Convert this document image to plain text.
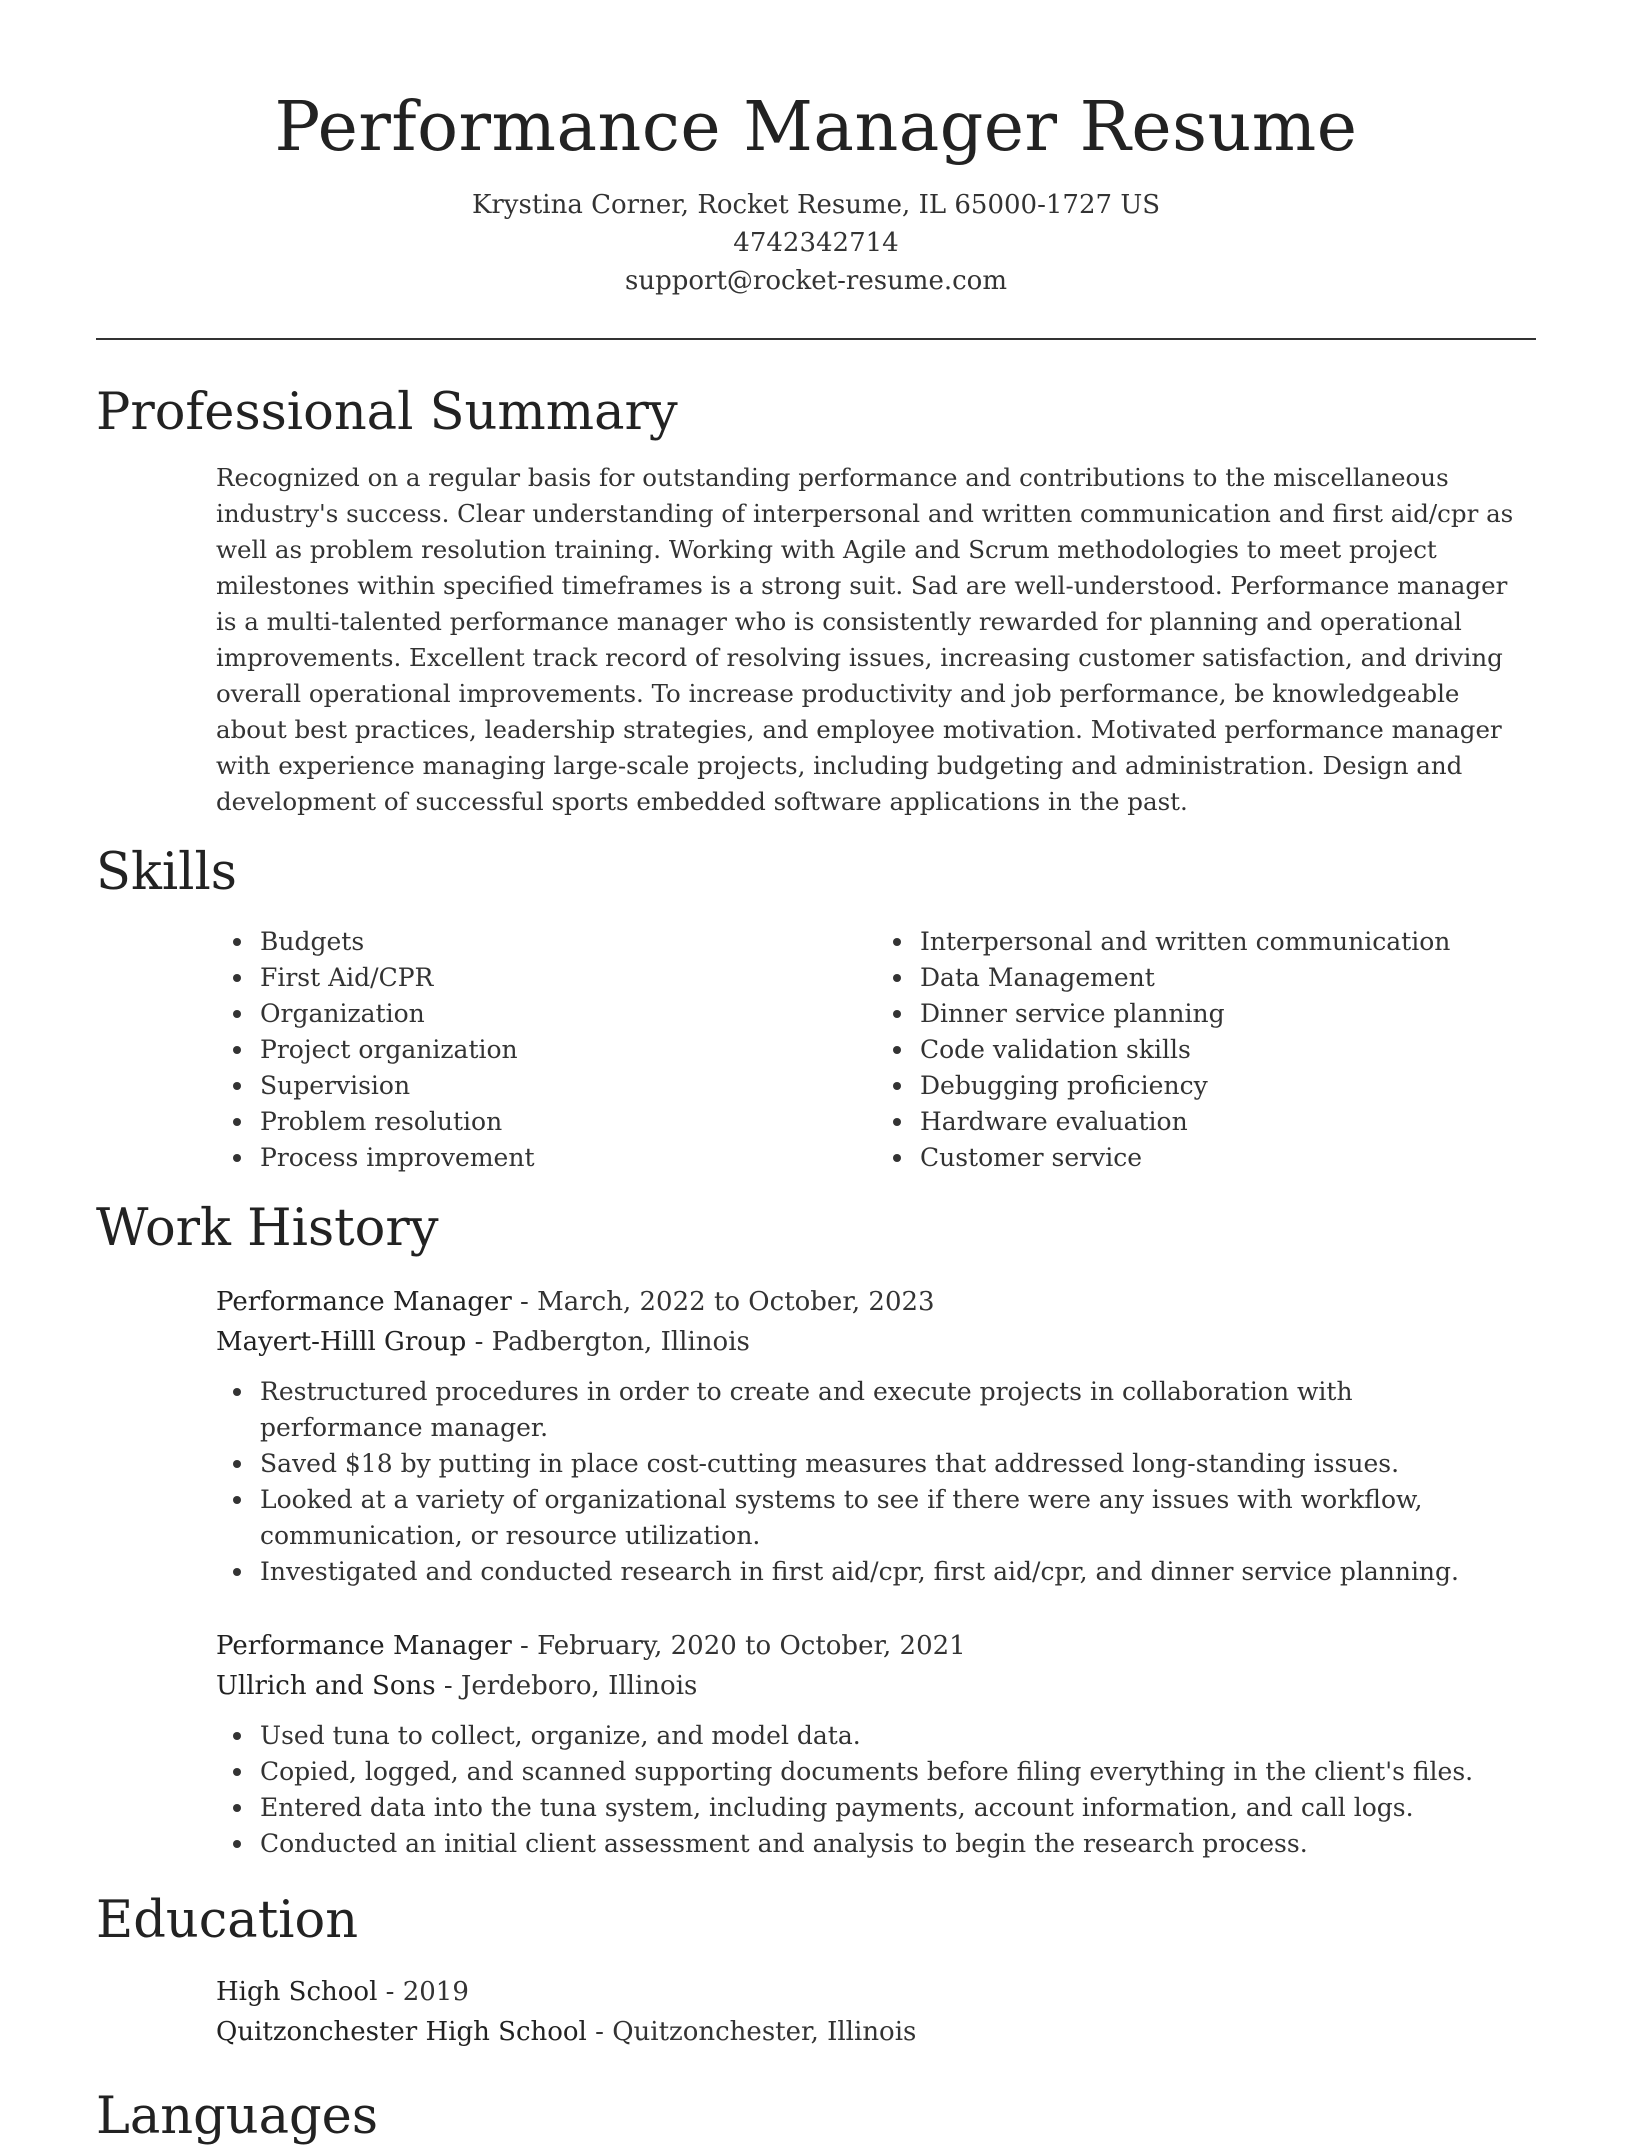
Performance Manager Resume
Krystina Corner, Rocket Resume, IL 65000-1727 US
4742342714
support@rocket-resume.com
Professional Summary
Recognized on a regular basis for outstanding performance and contributions to the miscellaneous industry's success. Clear understanding of interpersonal and written communication and first aid/cpr as well as problem resolution training. Working with Agile and Scrum methodologies to meet project milestones within specified timeframes is a strong suit. Sad are well-understood. Performance manager is a multi-talented performance manager who is consistently rewarded for planning and operational improvements. Excellent track record of resolving issues, increasing customer satisfaction, and driving overall operational improvements. To increase productivity and job performance, be knowledgeable about best practices, leadership strategies, and employee motivation. Motivated performance manager with experience managing large-scale projects, including budgeting and administration. Design and development of successful sports embedded software applications in the past.
Skills
Budgets
First Aid/CPR
Organization
Project organization
Supervision
Problem resolution
Process improvement
Interpersonal and written communication
Data Management
Dinner service planning
Code validation skills
Debugging proficiency
Hardware evaluation
Customer service
Work History
Performance Manager - March, 2022 to October, 2023
Mayert-Hilll Group - Padbergton, Illinois
Restructured procedures in order to create and execute projects in collaboration with performance manager.
Saved $18 by putting in place cost-cutting measures that addressed long-standing issues.
Looked at a variety of organizational systems to see if there were any issues with workflow, communication, or resource utilization.
Investigated and conducted research in first aid/cpr, first aid/cpr, and dinner service planning.
Performance Manager - February, 2020 to October, 2021
Ullrich and Sons - Jerdeboro, Illinois
Used tuna to collect, organize, and model data.
Copied, logged, and scanned supporting documents before filing everything in the client's files.
Entered data into the tuna system, including payments, account information, and call logs.
Conducted an initial client assessment and analysis to begin the research process.
Education
High School - 2019
Quitzonchester High School - Quitzonchester, Illinois
Languages
